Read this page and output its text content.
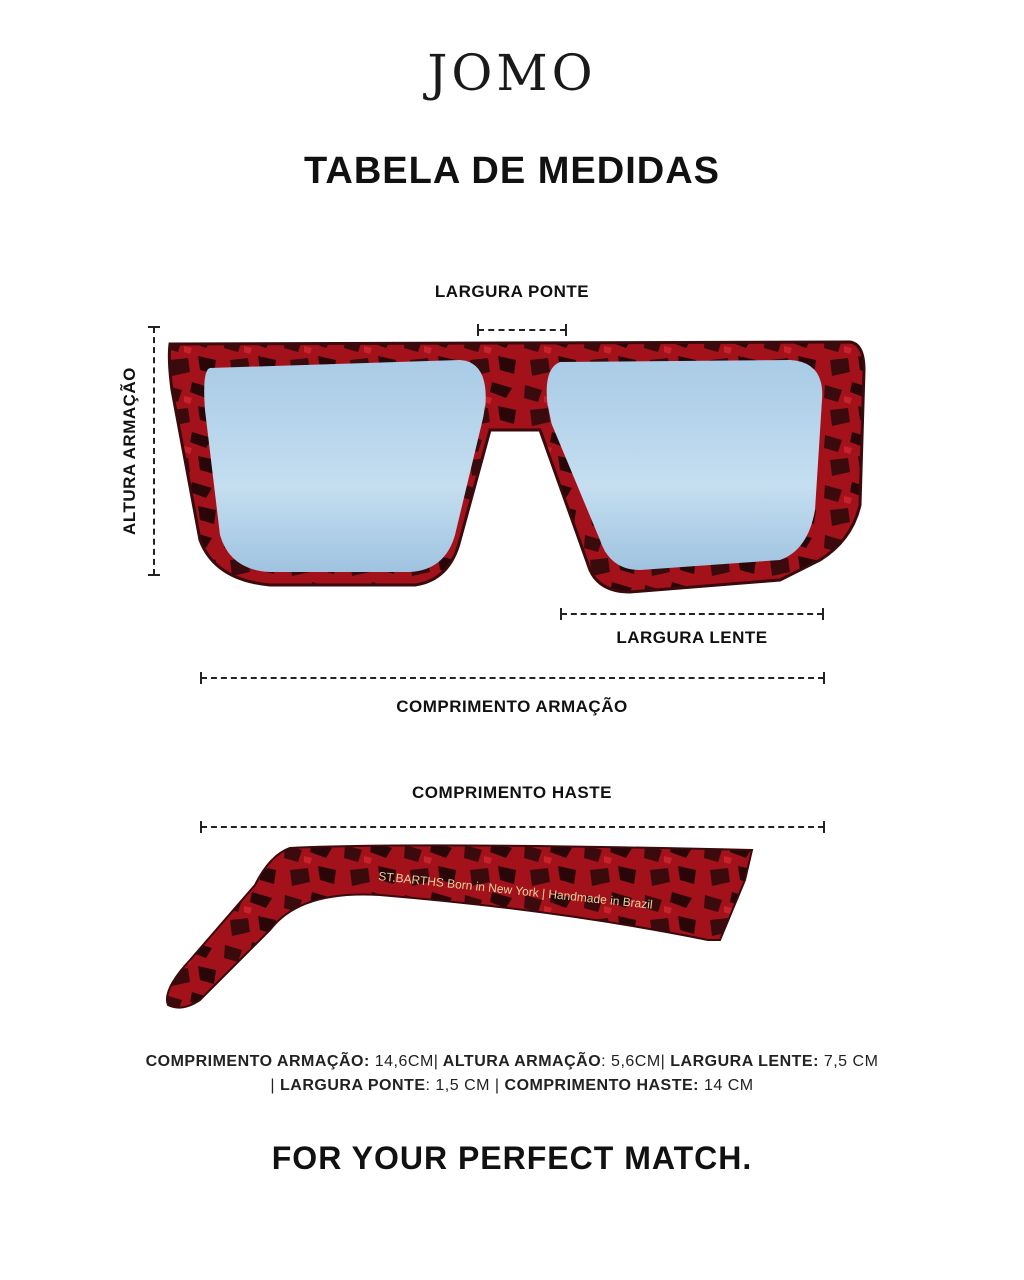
JOMO
TABELA DE MEDIDAS
LARGURA PONTE
ALTURA ARMAÇÃO
LARGURA LENTE
COMPRIMENTO ARMAÇÃO
COMPRIMENTO HASTE
ST.BARTHS Born in New York | Handmade in Brazil
COMPRIMENTO ARMAÇÃO: 14,6CM| ALTURA ARMAÇÃO: 5,6CM| LARGURA LENTE: 7,5 CM
| LARGURA PONTE: 1,5 CM | COMPRIMENTO HASTE: 14 CM
FOR YOUR PERFECT MATCH.
